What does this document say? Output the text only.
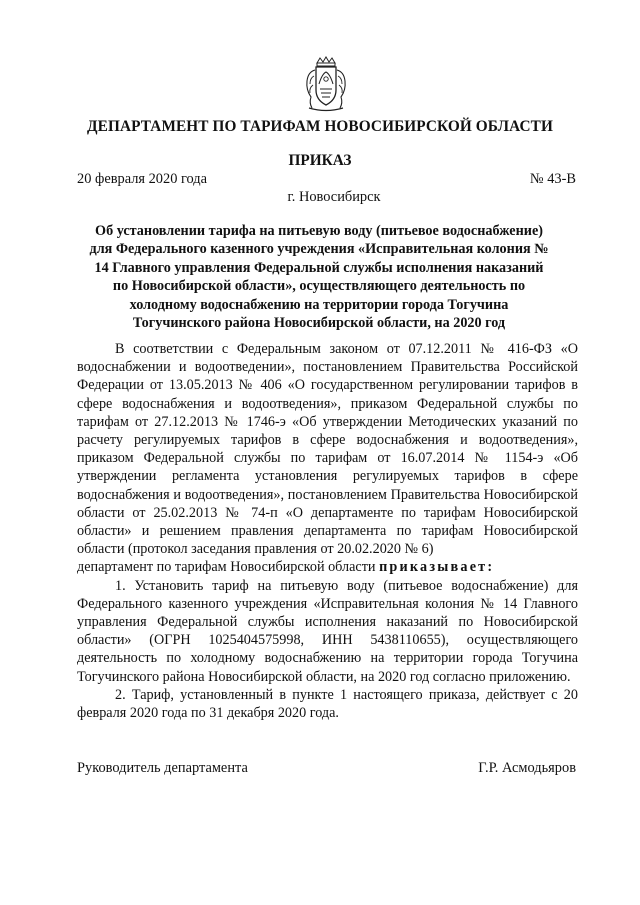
ДЕПАРТАМЕНТ ПО ТАРИФАМ НОВОСИБИРСКОЙ ОБЛАСТИ
ПРИКАЗ
20 февраля 2020 года	№ 43-В
г. Новосибирск
Об установлении тарифа на питьевую воду (питьевое водоснабжение) для Федерального казенного учреждения «Исправительная колония № 14 Главного управления Федеральной службы исполнения наказаний по Новосибирской области», осуществляющего деятельность по холодному водоснабжению на территории города Тогучина Тогучинского района Новосибирской области, на 2020 год

В соответствии с Федеральным законом от 07.12.2011 № 416-ФЗ «О водоснабжении и водоотведении», постановлением Правительства Российской Федерации от 13.05.2013 № 406 «О государственном регулировании тарифов в сфере водоснабжения и водоотведения», приказом Федеральной службы по тарифам от 27.12.2013 № 1746-э «Об утверждении Методических указаний по расчету регулируемых тарифов в сфере водоснабжения и водоотведения», приказом Федеральной службы по тарифам от 16.07.2014 № 1154-э «Об утверждении регламента установления регулируемых тарифов в сфере водоснабжения и водоотведения», постановлением Правительства Новосибирской области от 25.02.2013 № 74-п «О департаменте по тарифам Новосибирской области» и решением правления департамента по тарифам Новосибирской области (протокол заседания правления от 20.02.2020 № 6)

департамент по тарифам Новосибирской области приказывает:

1. Установить тариф на питьевую воду (питьевое водоснабжение) для Федерального казенного учреждения «Исправительная колония № 14 Главного управления Федеральной службы исполнения наказаний по Новосибирской области» (ОГРН 1025404575998, ИНН 5438110655), осуществляющего деятельность по холодному водоснабжению на территории города Тогучина Тогучинского района Новосибирской области, на 2020 год согласно приложению.

2. Тариф, установленный в пункте 1 настоящего приказа, действует с 20 февраля 2020 года по 31 декабря 2020 года.

Руководитель департамента	Г.Р. Асмодьяров
